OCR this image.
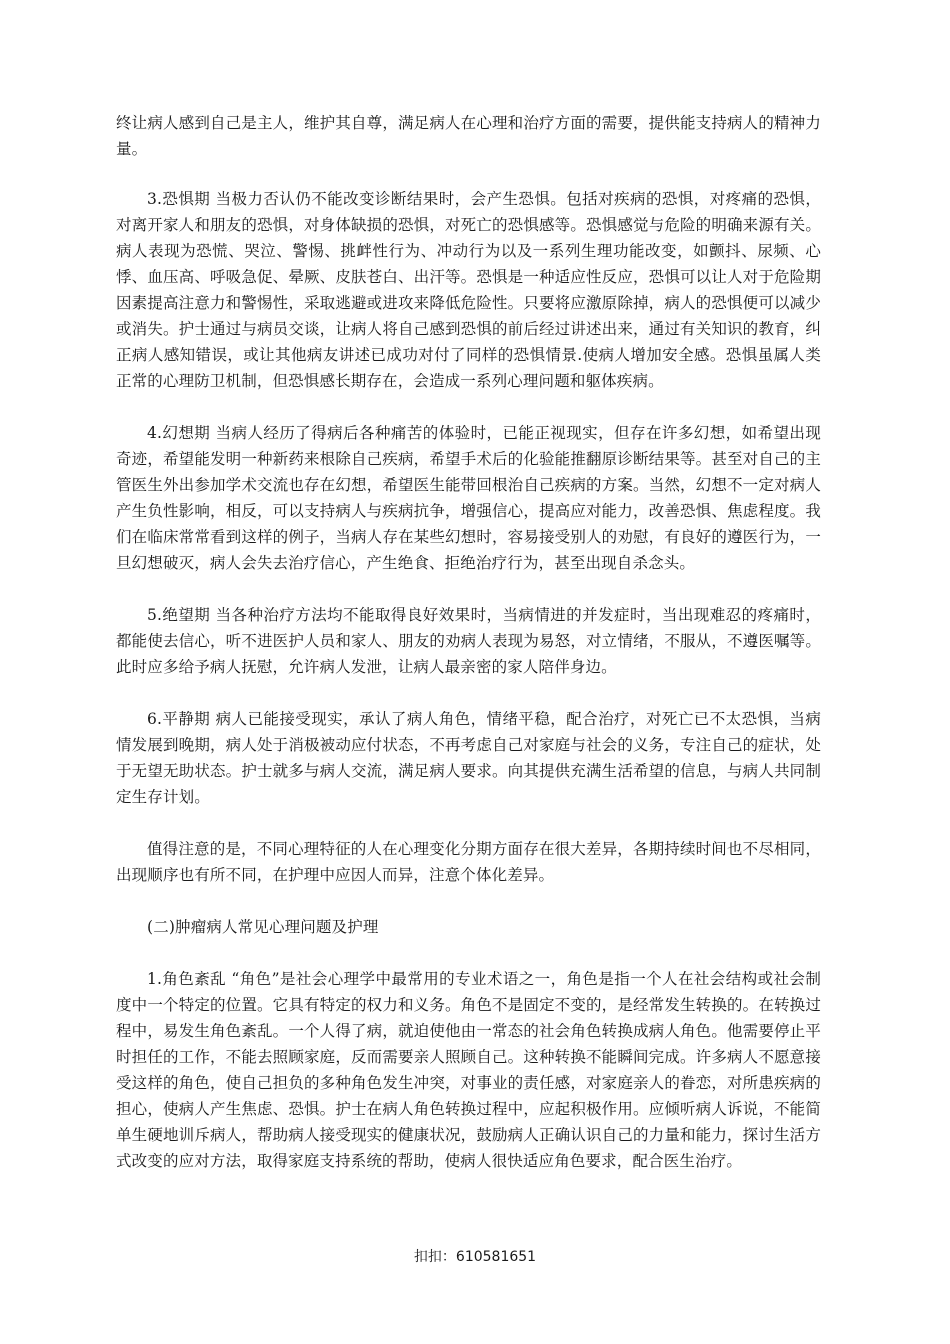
终让病人感到自己是主人，维护其自尊，满足病人在心理和治疗方面的需要，提供能支持病人的精神力量。

3.恐惧期 当极力否认仍不能改变诊断结果时，会产生恐惧。包括对疾病的恐惧，对疼痛的恐惧，对离开家人和朋友的恐惧，对身体缺损的恐惧，对死亡的恐惧感等。恐惧感觉与危险的明确来源有关。病人表现为恐慌、哭泣、警惕、挑衅性行为、冲动行为以及一系列生理功能改变，如颤抖、尿频、心悸、血压高、呼吸急促、晕厥、皮肤苍白、出汗等。恐惧是一种适应性反应，恐惧可以让人对于危险期因素提高注意力和警惕性，采取逃避或进攻来降低危险性。只要将应激原除掉，病人的恐惧便可以减少或消失。护士通过与病员交谈，让病人将自己感到恐惧的前后经过讲述出来，通过有关知识的教育，纠正病人感知错误，或让其他病友讲述已成功对付了同样的恐惧情景.使病人增加安全感。恐惧虽属人类正常的心理防卫机制，但恐惧感长期存在，会造成一系列心理问题和躯体疾病。

4.幻想期 当病人经历了得病后各种痛苦的体验时，已能正视现实，但存在许多幻想，如希望出现奇迹，希望能发明一种新药来根除自己疾病，希望手术后的化验能推翻原诊断结果等。甚至对自己的主管医生外出参加学术交流也存在幻想，希望医生能带回根治自己疾病的方案。当然，幻想不一定对病人产生负性影响，相反，可以支持病人与疾病抗争，增强信心，提高应对能力，改善恐惧、焦虑程度。我们在临床常常看到这样的例子，当病人存在某些幻想时，容易接受别人的劝慰，有良好的遵医行为，一旦幻想破灭，病人会失去治疗信心，产生绝食、拒绝治疗行为，甚至出现自杀念头。

5.绝望期 当各种治疗方法均不能取得良好效果时，当病情进的并发症时，当出现难忍的疼痛时，都能使去信心，听不进医护人员和家人、朋友的劝病人表现为易怒，对立情绪，不服从，不遵医嘱等。此时应多给予病人抚慰，允许病人发泄，让病人最亲密的家人陪伴身边。

6.平静期 病人已能接受现实，承认了病人角色，情绪平稳，配合治疗，对死亡已不太恐惧，当病情发展到晚期，病人处于消极被动应付状态，不再考虑自己对家庭与社会的义务，专注自己的症状，处于无望无助状态。护士就多与病人交流，满足病人要求。向其提供充满生活希望的信息，与病人共同制定生存计划。

值得注意的是，不同心理特征的人在心理变化分期方面存在很大差异，各期持续时间也不尽相同，出现顺序也有所不同，在护理中应因人而异，注意个体化差异。

(二)肿瘤病人常见心理问题及护理

1.角色紊乱 “角色”是社会心理学中最常用的专业术语之一，角色是指一个人在社会结构或社会制度中一个特定的位置。它具有特定的权力和义务。角色不是固定不变的，是经常发生转换的。在转换过程中，易发生角色紊乱。一个人得了病，就迫使他由一常态的社会角色转换成病人角色。他需要停止平时担任的工作，不能去照顾家庭，反而需要亲人照顾自己。这种转换不能瞬间完成。许多病人不愿意接受这样的角色，使自己担负的多种角色发生冲突，对事业的责任感，对家庭亲人的眷恋，对所患疾病的担心，使病人产生焦虑、恐惧。护士在病人角色转换过程中，应起积极作用。应倾听病人诉说，不能简单生硬地训斥病人，帮助病人接受现实的健康状况，鼓励病人正确认识自己的力量和能力，探讨生活方式改变的应对方法，取得家庭支持系统的帮助，使病人很快适应角色要求，配合医生治疗。

扣扣：610581651
